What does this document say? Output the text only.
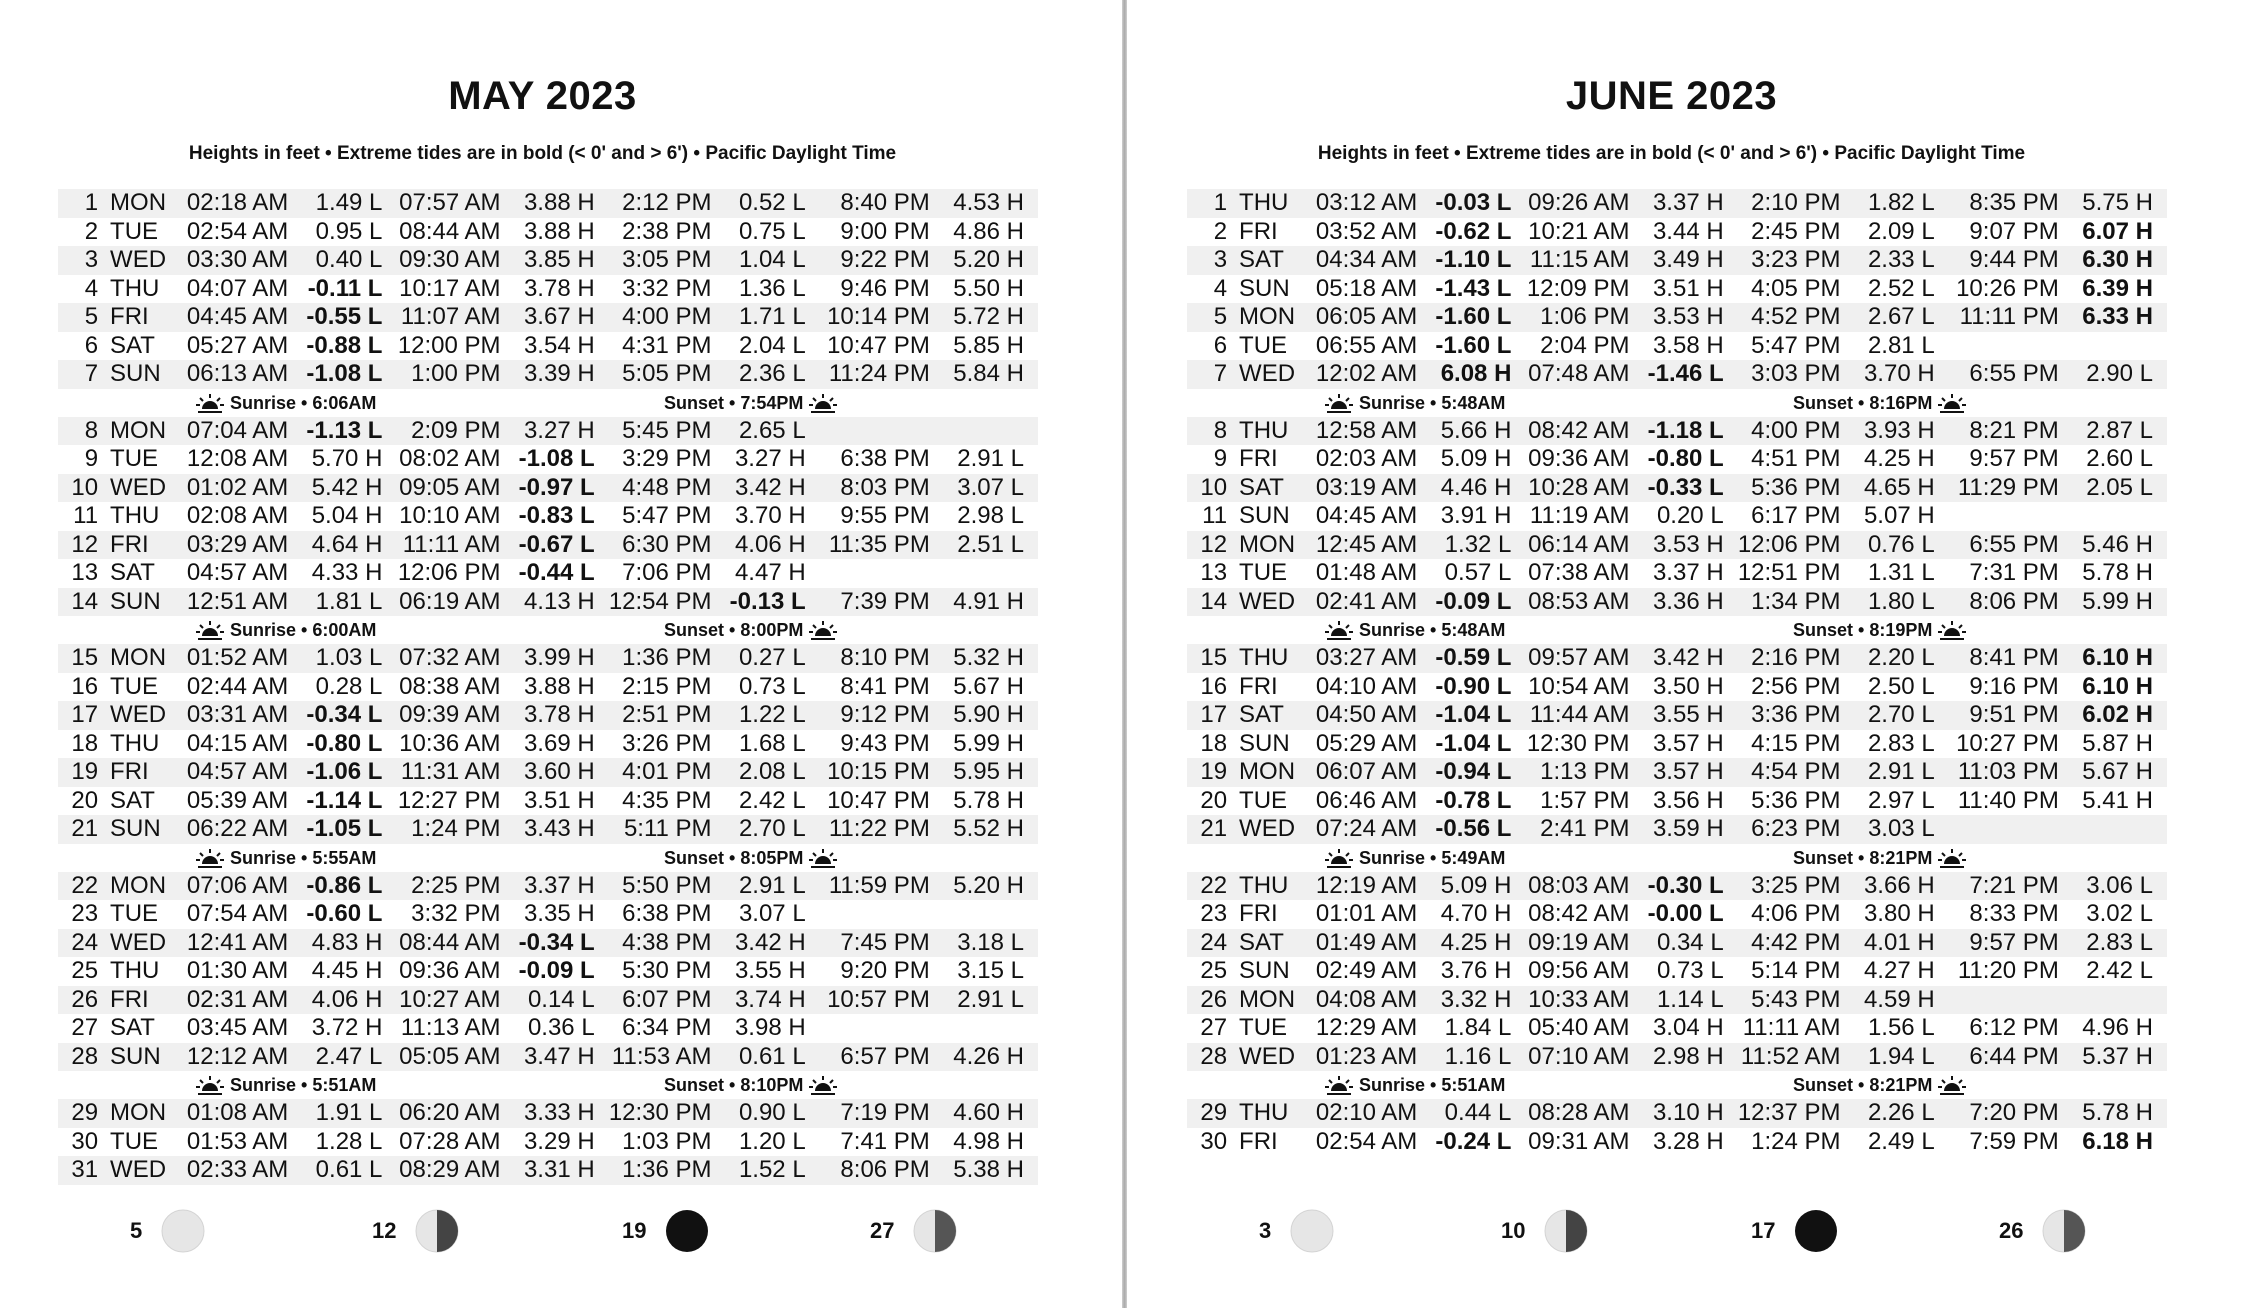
MAY 2023

Heights in feet • Extreme tides are in bold (< 0' and > 6') • Pacific Daylight Time

1	MON	02:18 AM	1.49 L	07:57 AM	3.88 H	2:12 PM	0.52 L	8:40 PM	4.53 H
2	TUE	02:54 AM	0.95 L	08:44 AM	3.88 H	2:38 PM	0.75 L	9:00 PM	4.86 H
3	WED	03:30 AM	0.40 L	09:30 AM	3.85 H	3:05 PM	1.04 L	9:22 PM	5.20 H
4	THU	04:07 AM	-0.11 L	10:17 AM	3.78 H	3:32 PM	1.36 L	9:46 PM	5.50 H
5	FRI	04:45 AM	-0.55 L	11:07 AM	3.67 H	4:00 PM	1.71 L	10:14 PM	5.72 H
6	SAT	05:27 AM	-0.88 L	12:00 PM	3.54 H	4:31 PM	2.04 L	10:47 PM	5.85 H
7	SUN	06:13 AM	-1.08 L	1:00 PM	3.39 H	5:05 PM	2.36 L	11:24 PM	5.84 H

Sunrise • 6:06AM Sunset • 7:54PM									

8	MON	07:04 AM	-1.13 L	2:09 PM	3.27 H	5:45 PM	2.65 L		
9	TUE	12:08 AM	5.70 H	08:02 AM	-1.08 L	3:29 PM	3.27 H	6:38 PM	2.91 L
10	WED	01:02 AM	5.42 H	09:05 AM	-0.97 L	4:48 PM	3.42 H	8:03 PM	3.07 L
11	THU	02:08 AM	5.04 H	10:10 AM	-0.83 L	5:47 PM	3.70 H	9:55 PM	2.98 L
12	FRI	03:29 AM	4.64 H	11:11 AM	-0.67 L	6:30 PM	4.06 H	11:35 PM	2.51 L
13	SAT	04:57 AM	4.33 H	12:06 PM	-0.44 L	7:06 PM	4.47 H		
14	SUN	12:51 AM	1.81 L	06:19 AM	4.13 H	12:54 PM	-0.13 L	7:39 PM	4.91 H

Sunrise • 6:00AM Sunset • 8:00PM									

15	MON	01:52 AM	1.03 L	07:32 AM	3.99 H	1:36 PM	0.27 L	8:10 PM	5.32 H
16	TUE	02:44 AM	0.28 L	08:38 AM	3.88 H	2:15 PM	0.73 L	8:41 PM	5.67 H
17	WED	03:31 AM	-0.34 L	09:39 AM	3.78 H	2:51 PM	1.22 L	9:12 PM	5.90 H
18	THU	04:15 AM	-0.80 L	10:36 AM	3.69 H	3:26 PM	1.68 L	9:43 PM	5.99 H
19	FRI	04:57 AM	-1.06 L	11:31 AM	3.60 H	4:01 PM	2.08 L	10:15 PM	5.95 H
20	SAT	05:39 AM	-1.14 L	12:27 PM	3.51 H	4:35 PM	2.42 L	10:47 PM	5.78 H
21	SUN	06:22 AM	-1.05 L	1:24 PM	3.43 H	5:11 PM	2.70 L	11:22 PM	5.52 H

Sunrise • 5:55AM Sunset • 8:05PM									

22	MON	07:06 AM	-0.86 L	2:25 PM	3.37 H	5:50 PM	2.91 L	11:59 PM	5.20 H
23	TUE	07:54 AM	-0.60 L	3:32 PM	3.35 H	6:38 PM	3.07 L		
24	WED	12:41 AM	4.83 H	08:44 AM	-0.34 L	4:38 PM	3.42 H	7:45 PM	3.18 L
25	THU	01:30 AM	4.45 H	09:36 AM	-0.09 L	5:30 PM	3.55 H	9:20 PM	3.15 L
26	FRI	02:31 AM	4.06 H	10:27 AM	0.14 L	6:07 PM	3.74 H	10:57 PM	2.91 L
27	SAT	03:45 AM	3.72 H	11:13 AM	0.36 L	6:34 PM	3.98 H		
28	SUN	12:12 AM	2.47 L	05:05 AM	3.47 H	11:53 AM	0.61 L	6:57 PM	4.26 H

Sunrise • 5:51AM Sunset • 8:10PM									

29	MON	01:08 AM	1.91 L	06:20 AM	3.33 H	12:30 PM	0.90 L	7:19 PM	4.60 H
30	TUE	01:53 AM	1.28 L	07:28 AM	3.29 H	1:03 PM	1.20 L	7:41 PM	4.98 H
31	WED	02:33 AM	0.61 L	08:29 AM	3.31 H	1:36 PM	1.52 L	8:06 PM	5.38 H
5	12	19	27
JUNE 2023

Heights in feet • Extreme tides are in bold (< 0' and > 6') • Pacific Daylight Time

1	THU	03:12 AM	-0.03 L	09:26 AM	3.37 H	2:10 PM	1.82 L	8:35 PM	5.75 H
2	FRI	03:52 AM	-0.62 L	10:21 AM	3.44 H	2:45 PM	2.09 L	9:07 PM	6.07 H
3	SAT	04:34 AM	-1.10 L	11:15 AM	3.49 H	3:23 PM	2.33 L	9:44 PM	6.30 H
4	SUN	05:18 AM	-1.43 L	12:09 PM	3.51 H	4:05 PM	2.52 L	10:26 PM	6.39 H
5	MON	06:05 AM	-1.60 L	1:06 PM	3.53 H	4:52 PM	2.67 L	11:11 PM	6.33 H
6	TUE	06:55 AM	-1.60 L	2:04 PM	3.58 H	5:47 PM	2.81 L		
7	WED	12:02 AM	6.08 H	07:48 AM	-1.46 L	3:03 PM	3.70 H	6:55 PM	2.90 L

Sunrise • 5:48AM Sunset • 8:16PM									

8	THU	12:58 AM	5.66 H	08:42 AM	-1.18 L	4:00 PM	3.93 H	8:21 PM	2.87 L
9	FRI	02:03 AM	5.09 H	09:36 AM	-0.80 L	4:51 PM	4.25 H	9:57 PM	2.60 L
10	SAT	03:19 AM	4.46 H	10:28 AM	-0.33 L	5:36 PM	4.65 H	11:29 PM	2.05 L
11	SUN	04:45 AM	3.91 H	11:19 AM	0.20 L	6:17 PM	5.07 H		
12	MON	12:45 AM	1.32 L	06:14 AM	3.53 H	12:06 PM	0.76 L	6:55 PM	5.46 H
13	TUE	01:48 AM	0.57 L	07:38 AM	3.37 H	12:51 PM	1.31 L	7:31 PM	5.78 H
14	WED	02:41 AM	-0.09 L	08:53 AM	3.36 H	1:34 PM	1.80 L	8:06 PM	5.99 H

Sunrise • 5:48AM Sunset • 8:19PM									

15	THU	03:27 AM	-0.59 L	09:57 AM	3.42 H	2:16 PM	2.20 L	8:41 PM	6.10 H
16	FRI	04:10 AM	-0.90 L	10:54 AM	3.50 H	2:56 PM	2.50 L	9:16 PM	6.10 H
17	SAT	04:50 AM	-1.04 L	11:44 AM	3.55 H	3:36 PM	2.70 L	9:51 PM	6.02 H
18	SUN	05:29 AM	-1.04 L	12:30 PM	3.57 H	4:15 PM	2.83 L	10:27 PM	5.87 H
19	MON	06:07 AM	-0.94 L	1:13 PM	3.57 H	4:54 PM	2.91 L	11:03 PM	5.67 H
20	TUE	06:46 AM	-0.78 L	1:57 PM	3.56 H	5:36 PM	2.97 L	11:40 PM	5.41 H
21	WED	07:24 AM	-0.56 L	2:41 PM	3.59 H	6:23 PM	3.03 L		

Sunrise • 5:49AM Sunset • 8:21PM									

22	THU	12:19 AM	5.09 H	08:03 AM	-0.30 L	3:25 PM	3.66 H	7:21 PM	3.06 L
23	FRI	01:01 AM	4.70 H	08:42 AM	-0.00 L	4:06 PM	3.80 H	8:33 PM	3.02 L
24	SAT	01:49 AM	4.25 H	09:19 AM	0.34 L	4:42 PM	4.01 H	9:57 PM	2.83 L
25	SUN	02:49 AM	3.76 H	09:56 AM	0.73 L	5:14 PM	4.27 H	11:20 PM	2.42 L
26	MON	04:08 AM	3.32 H	10:33 AM	1.14 L	5:43 PM	4.59 H		
27	TUE	12:29 AM	1.84 L	05:40 AM	3.04 H	11:11 AM	1.56 L	6:12 PM	4.96 H
28	WED	01:23 AM	1.16 L	07:10 AM	2.98 H	11:52 AM	1.94 L	6:44 PM	5.37 H

Sunrise • 5:51AM Sunset • 8:21PM									

29	THU	02:10 AM	0.44 L	08:28 AM	3.10 H	12:37 PM	2.26 L	7:20 PM	5.78 H
30	FRI	02:54 AM	-0.24 L	09:31 AM	3.28 H	1:24 PM	2.49 L	7:59 PM	6.18 H
3	10	17	26
